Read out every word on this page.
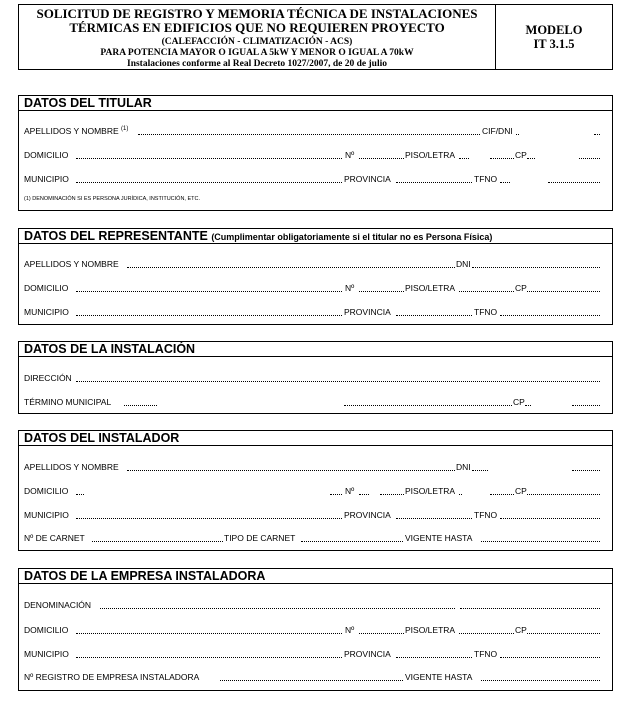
SOLICITUD DE REGISTRO Y MEMORIA TÉCNICA DE INSTALACIONES
TÉRMICAS EN EDIFICIOS QUE NO REQUIEREN PROYECTO
(CALEFACCIÓN - CLIMATIZACIÓN - ACS)
PARA POTENCIA MAYOR O IGUAL A 5kW Y MENOR O IGUAL A 70kW
Instalaciones conforme al Real Decreto 1027/2007, de 20 de julio
MODELO
IT 3.1.5
DATOS DEL TITULAR
APELLIDOS Y NOMBRE $^{(1)}$	CIF/DNI
DOMICILIO	Nº	PISO/LETRA	CP
MUNICIPIO	PROVINCIA	TFNO
(1) DENOMINACIÓN SI ES PERSONA JURÍDICA, INSTITUCIÓN, ETC.
DATOS DEL REPRESENTANTE (Cumplimentar obligatoriamente si el titular no es Persona Física)
APELLIDOS Y NOMBRE	DNI
DOMICILIO	Nº	PISO/LETRA	CP
MUNICIPIO	PROVINCIA	TFNO
DATOS DE LA INSTALACIÓN
DIRECCIÓN
TÉRMINO MUNICIPAL	CP
DATOS DEL INSTALADOR
APELLIDOS Y NOMBRE	DNI
DOMICILIO	Nº	PISO/LETRA	CP
MUNICIPIO	PROVINCIA	TFNO
Nº DE CARNET	TIPO DE CARNET	VIGENTE HASTA
DATOS DE LA EMPRESA INSTALADORA
DENOMINACIÓN
DOMICILIO	Nº	PISO/LETRA	CP
MUNICIPIO	PROVINCIA	TFNO
Nº REGISTRO DE EMPRESA INSTALADORA	VIGENTE HASTA
